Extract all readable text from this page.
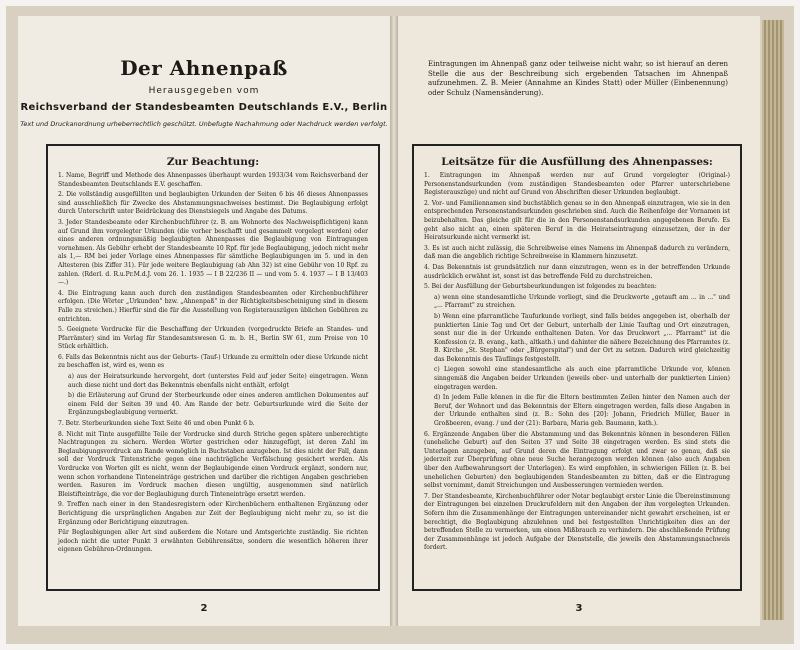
Der Ahnenpaß
Herausgegeben vom
Reichsverband der Standesbeamten Deutschlands E.V., Berlin
Text und Druckanordnung urheberrechtlich geschützt. Unbefugte Nachahmung oder Nachdruck werden verfolgt.
Zur Beachtung:
1. Name, Begriff und Methode des Ahnenpasses überhaupt wurden 1933/34 vom Reichsverband der Standesbeamten Deutschlands E.V. geschaffen.
2. Die vollständig ausgefüllten und beglaubigten Urkunden der Seiten 6 bis 46 dieses Ahnenpasses sind ausschließlich für Zwecke des Abstammungsnachweises bestimmt. Die Beglaubigung erfolgt durch Unterschrift unter Beidrückung des Dienstsiegels und Angabe des Datums.
3. Jeder Standesbeamte oder Kirchenbuchführer (z. B. am Wohnorte des Nachweispflichtigen) kann auf Grund ihm vorgelegter Urkunden (die vorher beschafft und gesammelt vorgelegt werden) oder eines anderen ordnungsmäßig beglaubigten Ahnenpasses die Beglaubigung von Eintragungen vornehmen. Als Gebühr erhebt der Standesbeamte 10 Rpf. für jede Beglaubigung, jedoch nicht mehr als 1,— RM bei jeder Vorlage eines Ahnenpasses für sämtliche Beglaubigungen im 5. und in den Altesteren (bis Ziffer 31). Für jede weitere Beglaubigung (ab Ahn 32) ist eine Gebühr von 10 Rpf. zu zahlen. (Rderl. d. R.u.Pr.M.d.J. vom 26. 1. 1935 — I B 22/236 II — und vom 5. 4. 1937 — I B 13/403 —.)
4. Die Eintragung kann auch durch den zuständigen Standesbeamten oder Kirchenbuchführer erfolgen. (Die Wörter „Urkunden" bzw. „Ahnenpaß" in der Richtigkeitsbescheinigung sind in diesem Falle zu streichen.) Hierfür sind die für die Ausstellung von Registerauszügen üblichen Gebühren zu entrichten.
5. Geeignete Vordrucke für die Beschaffung der Urkunden (vorgedruckte Briefe an Standes- und Pfarrämter) sind im Verlag für Standesamtswesen G. m. b. H., Berlin SW 61, zum Preise von 10 Stück erhältlich.
6. Falls das Bekenntnis nicht aus der Geburts- (Tauf-) Urkunde zu ermitteln oder diese Urkunde nicht zu beschaffen ist, wird es, wenn es
a) aus der Heiratsurkunde hervorgeht, dort (unterstes Feld auf jeder Seite) eingetragen. Wenn auch diese nicht und dort das Bekenntnis ebenfalls nicht enthält, erfolgt
b) die Erläuterung auf Grund der Sterbeurkunde oder eines anderen amtlichen Dokumentes auf einem Feld der Seiten 39 und 40. Am Rande der betr. Geburtsurkunde wird die Seite der Ergänzungsbeglaubigung vermerkt.
7. Betr. Sterbeurkunden siehe Text Seite 46 und oben Punkt 6 b.
8. Nicht mit Tinte ausgefüllte Teile der Vordrucke sind durch Striche gegen spätere unberechtigte Nachtragungen zu sichern. Werden Wörter gestrichen oder hinzugefügt, ist deren Zahl im Beglaubigungsvordruck am Rande womöglich in Buchstaben anzugeben. Ist dies nicht der Fall, dann soll der Vordruck Tintenstriche gegen eine nachträgliche Verfälschung gesichert werden. Als Vordrucke von Worten gilt es nicht, wenn der Beglaubigende einen Vordruck ergänzt, sondern nur, wenn schon vorhandene Tinteneinträge gestrichen und darüber die richtigen Angaben geschrieben werden. Rasuren im Vordruck machen diesen ungültig, ausgenommen sind natürlich Bleistifteinträge, die vor der Beglaubigung durch Tinteneinträge ersetzt werden.
9. Treffen nach einer in den Standesregistern oder Kirchenbüchern enthaltenen Ergänzung oder Berichtigung die ursprünglichen Angaben zur Zeit der Beglaubigung nicht mehr zu, so ist die Ergänzung oder Berichtigung einzutragen.
Für Beglaubigungen aller Art sind außerdem die Notare und Amtsgerichte zuständig. Sie richten jedoch nicht die unter Punkt 3 erwähnten Gebührensätze, sondern die wesentlich höheren ihrer eigenen Gebühren-Ordnungen.
2
Eintragungen im Ahnenpaß ganz oder teilweise nicht wahr, so ist hierauf an deren Stelle die aus der Beschreibung sich ergebenden Tatsachen im Ahnenpaß aufzunehmen. Z. B. Meier (Annahme an Kindes Statt) oder Müller (Einbenennung) oder Schulz (Namensänderung).
Leitsätze für die Ausfüllung des Ahnenpasses:
1. Eintragungen im Ahnenpaß werden nur auf Grund vorgelegter (Original-) Personenstandsurkunden (vom zuständigen Standesbeamten oder Pfarrer unterschriebene Registerauszüge) und nicht auf Grund von Abschriften dieser Urkunden beglaubigt.
2. Vor- und Familiennamen sind buchstäblich genau so in den Ahnenpaß einzutragen, wie sie in den entsprechenden Personenstandsurkunden geschrieben sind. Auch die Reihenfolge der Vornamen ist beizubehalten. Das gleiche gilt für die in den Personenstandsurkunden angegebenen Berufe. Es geht also nicht an, einen späteren Beruf in die Heiratseintragung einzusetzen, der in der Heiratsurkunde nicht vermerkt ist.
3. Es ist auch nicht zulässig, die Schreibweise eines Namens im Ahnenpaß dadurch zu verändern, daß man die angeblich richtige Schreibweise in Klammern hinzusetzt.
4. Das Bekenntnis ist grundsätzlich nur dann einzutragen, wenn es in der betreffenden Urkunde ausdrücklich erwähnt ist, sonst ist das betreffende Feld zu durchstreichen.
5. Bei der Ausfüllung der Geburtsbeurkundungen ist folgendes zu beachten:
a) wenn eine standesamtliche Urkunde vorliegt, sind die Druckworte „getauft am ... in ..." und „... Pfarramt" zu streichen.
b) Wenn eine pfarramtliche Taufurkunde vorliegt, sind falls beides angegeben ist, oberhalb der punktierten Linie Tag und Ort der Geburt, unterhalb der Linie Tauftag und Ort einzutragen, sonst nur die in der Urkunde enthaltenen Daten. Vor das Druckwort „... Pfarramt" ist die Konfession (z. B. evang., kath., altkath.) und dahinter die nähere Bezeichnung des Pfarramtes (z. B. Kirche „St. Stephan" oder „Bürgerspital") und der Ort zu setzen. Dadurch wird gleichzeitig das Bekenntnis des Täuflings festgestellt.
c) Liegen sowohl eine standesamtliche als auch eine pfarramtliche Urkunde vor, können sinngemäß die Angaben beider Urkunden (jeweils ober- und unterhalb der punktierten Linien) eingetragen werden.
d) In jedem Falle können in die für die Eltern bestimmten Zeilen hinter den Namen auch der Beruf, der Wohnort und das Bekenntnis der Eltern eingetragen werden, falls diese Angaben in der Urkunde enthalten sind (z. B.: Sohn des [20]: Johann, Friedrich Müller, Bauer in Großbeeren, evang. / und der (21): Barbara, Maria geb. Baumann, kath.).
6. Ergänzende Angaben über die Abstammung und das Bekenntnis können in besonderen Fällen (uneheliche Geburt) auf den Seiten 37 und Seite 38 eingetragen werden. Es sind stets die Unterlagen anzugeben, auf Grund deren die Eintragung erfolgt und zwar so genau, daß sie jederzeit zur Überprüfung ohne neue Suche herangezogen werden können (also auch Angaben über den Aufbewahrungsort der Unterlagen). Es wird empfohlen, in schwierigen Fällen (z. B. bei unehelichen Geburten) den beglaubigenden Standesbeamten zu bitten, daß er die Eintragung selbst vornimmt, damit Streichungen und Ausbesserungen vermieden werden.
7. Der Standesbeamte, Kirchenbuchführer oder Notar beglaubigt erster Linie die Übereinstimmung der Eintragungen bei einzelnen Druckrufeldern mit den Angaben der ihm vorgelegten Urkunden. Sofern ihm die Zusammenhänge der Eintragungen untereinander nicht gewahrt erscheinen, ist er berechtigt, die Beglaubigung abzulehnen und bei festgestellten Unrichtigkeiten dies an der betreffenden Stelle zu vermerken, um einen Mißbrauch zu verhindern. Die abschließende Prüfung der Zusammenhänge ist jedoch Aufgabe der Dienststelle, die jeweils den Abstammungsnachweis fordert.
3
